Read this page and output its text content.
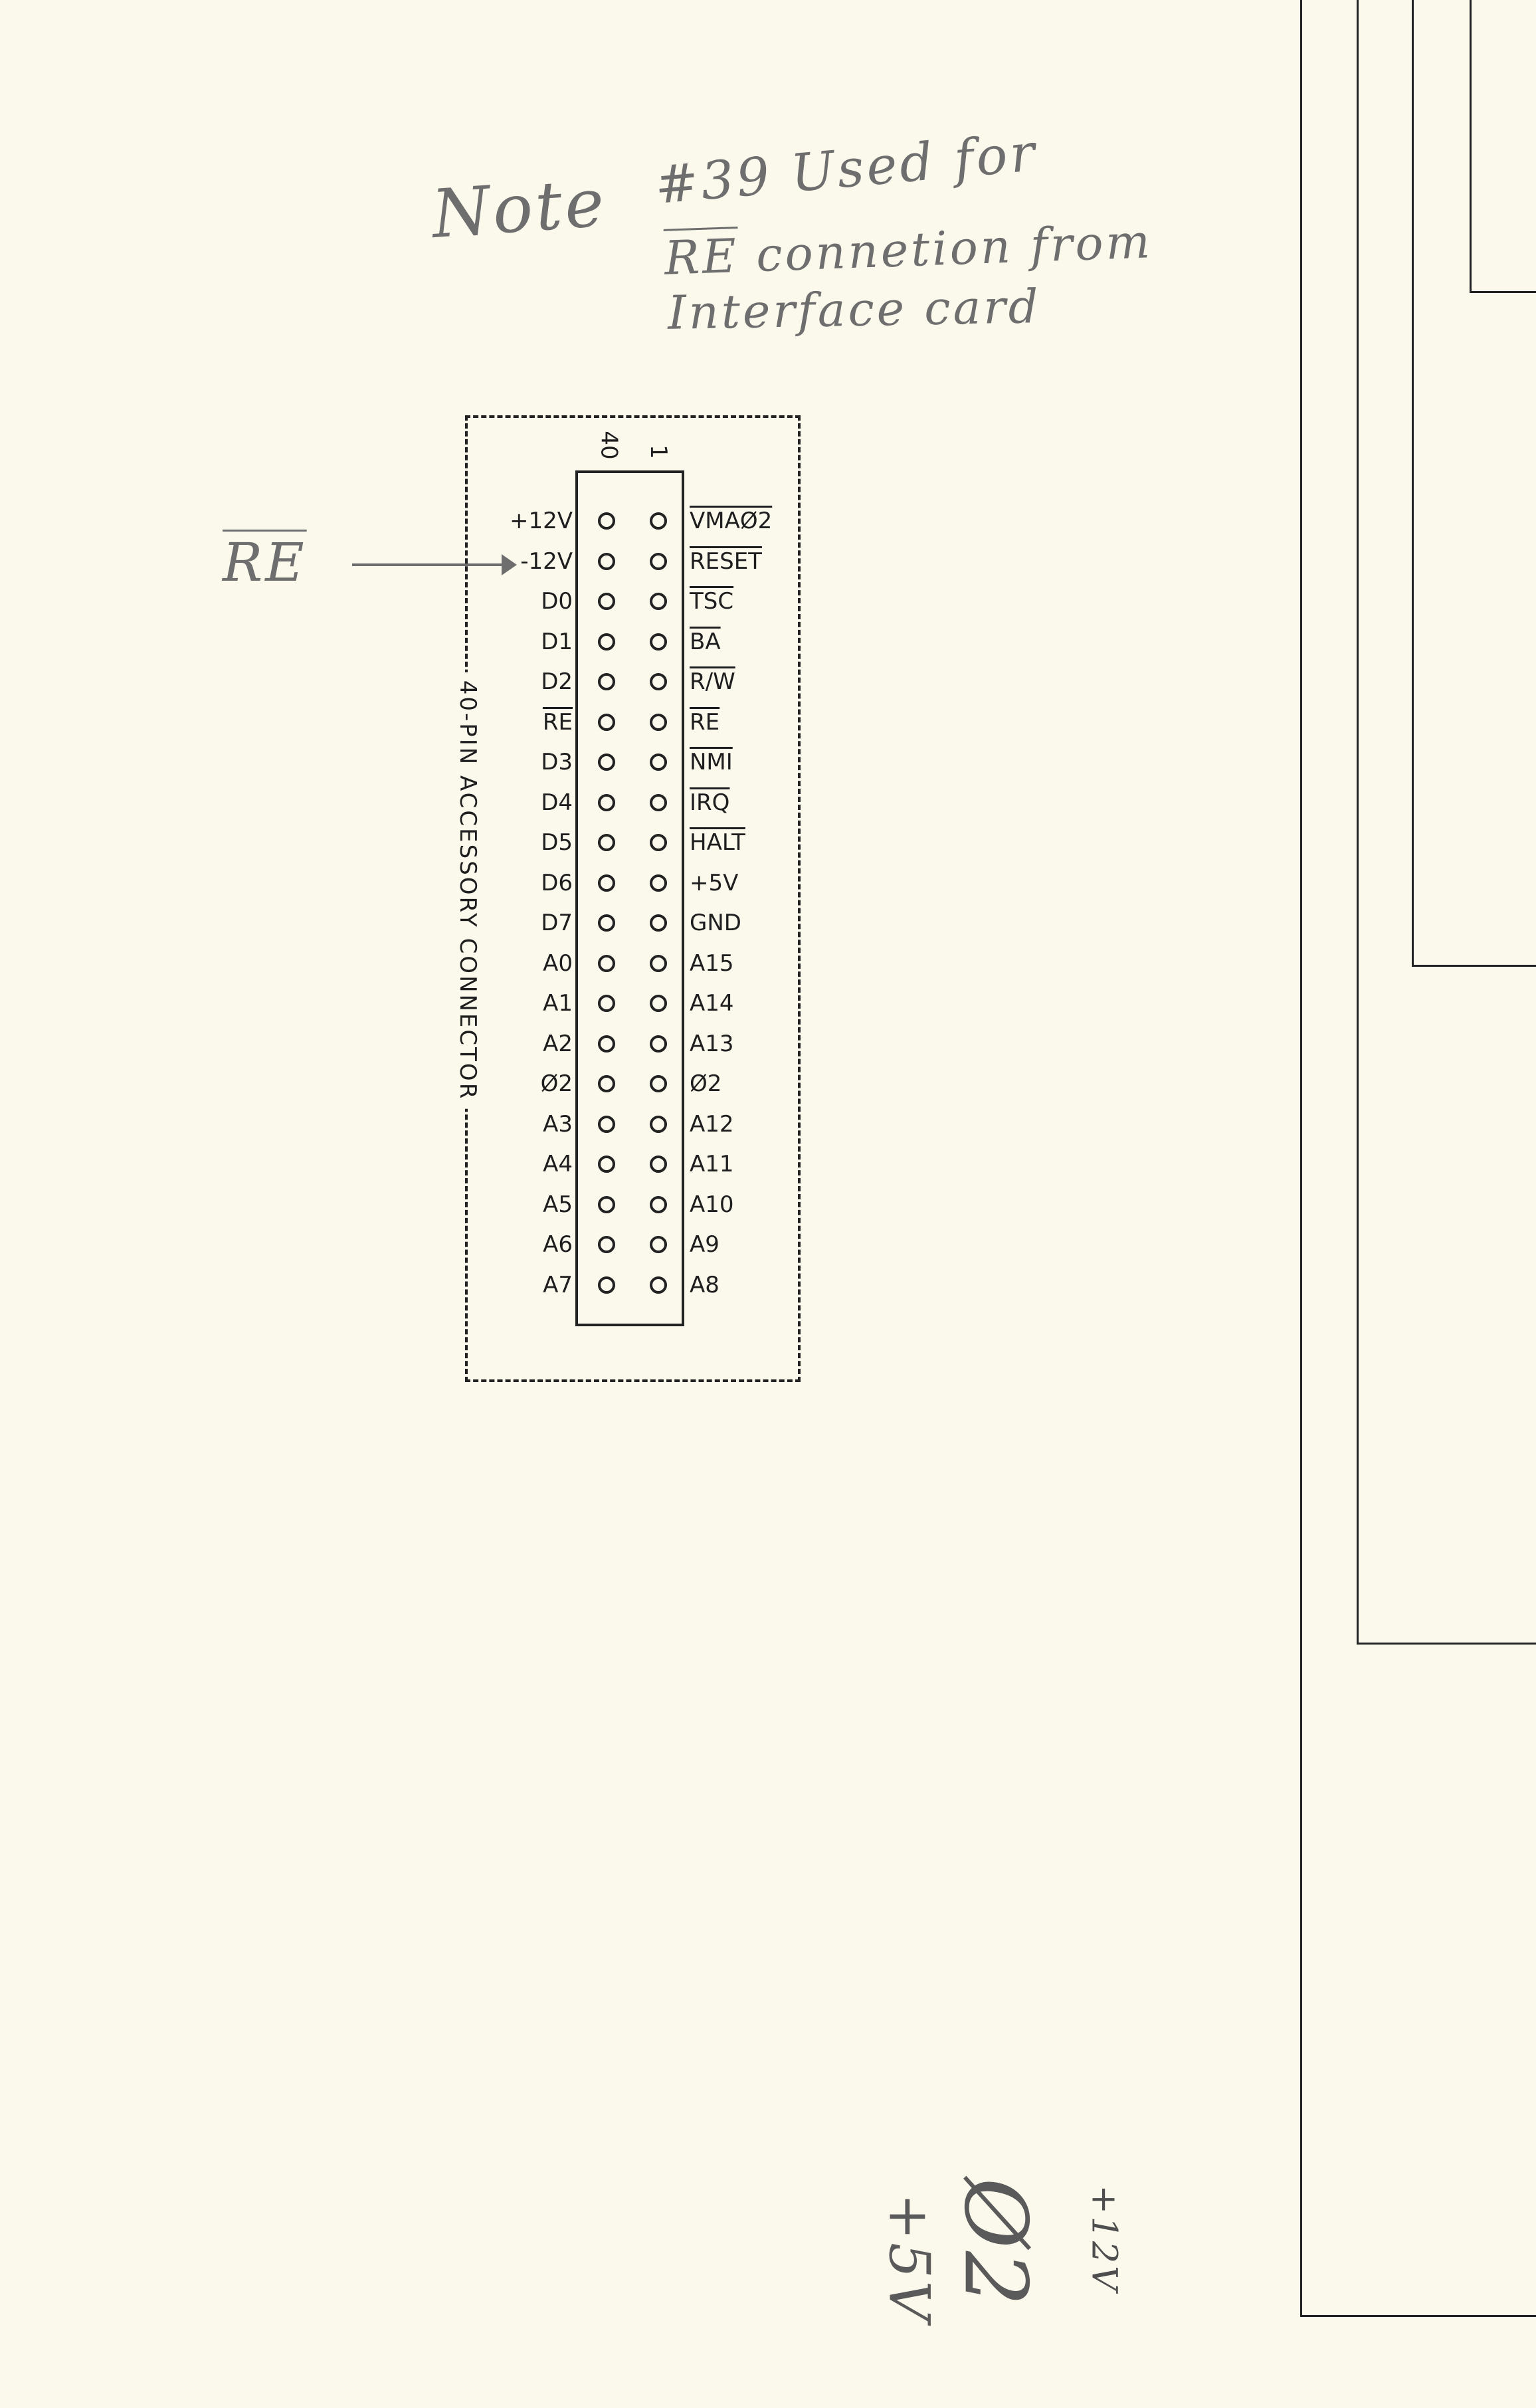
Note #39 Used for
$\overline{RE}$ connetion from
Interface card
$\overline{RE}$
40-PIN ACCESSORY CONNECTOR
40 1
+12V	VMAØ2
-12V	RESET
D0	$\overline{TSC}$
D1	$\overline{BA}$
D2	R/W
$\overline{RE}$	$\overline{RE}$
D3	$\overline{NMI}$
D4	$\overline{IRQ}$
D5	HALT
D6	+5V
D7	GND
A0	A15
A1	A14
A2	A13
Ø2	Ø2
A3	A12
A4	A11
A5	A10
A6	A9
A7	A8
+12V
Ø2
+5V
